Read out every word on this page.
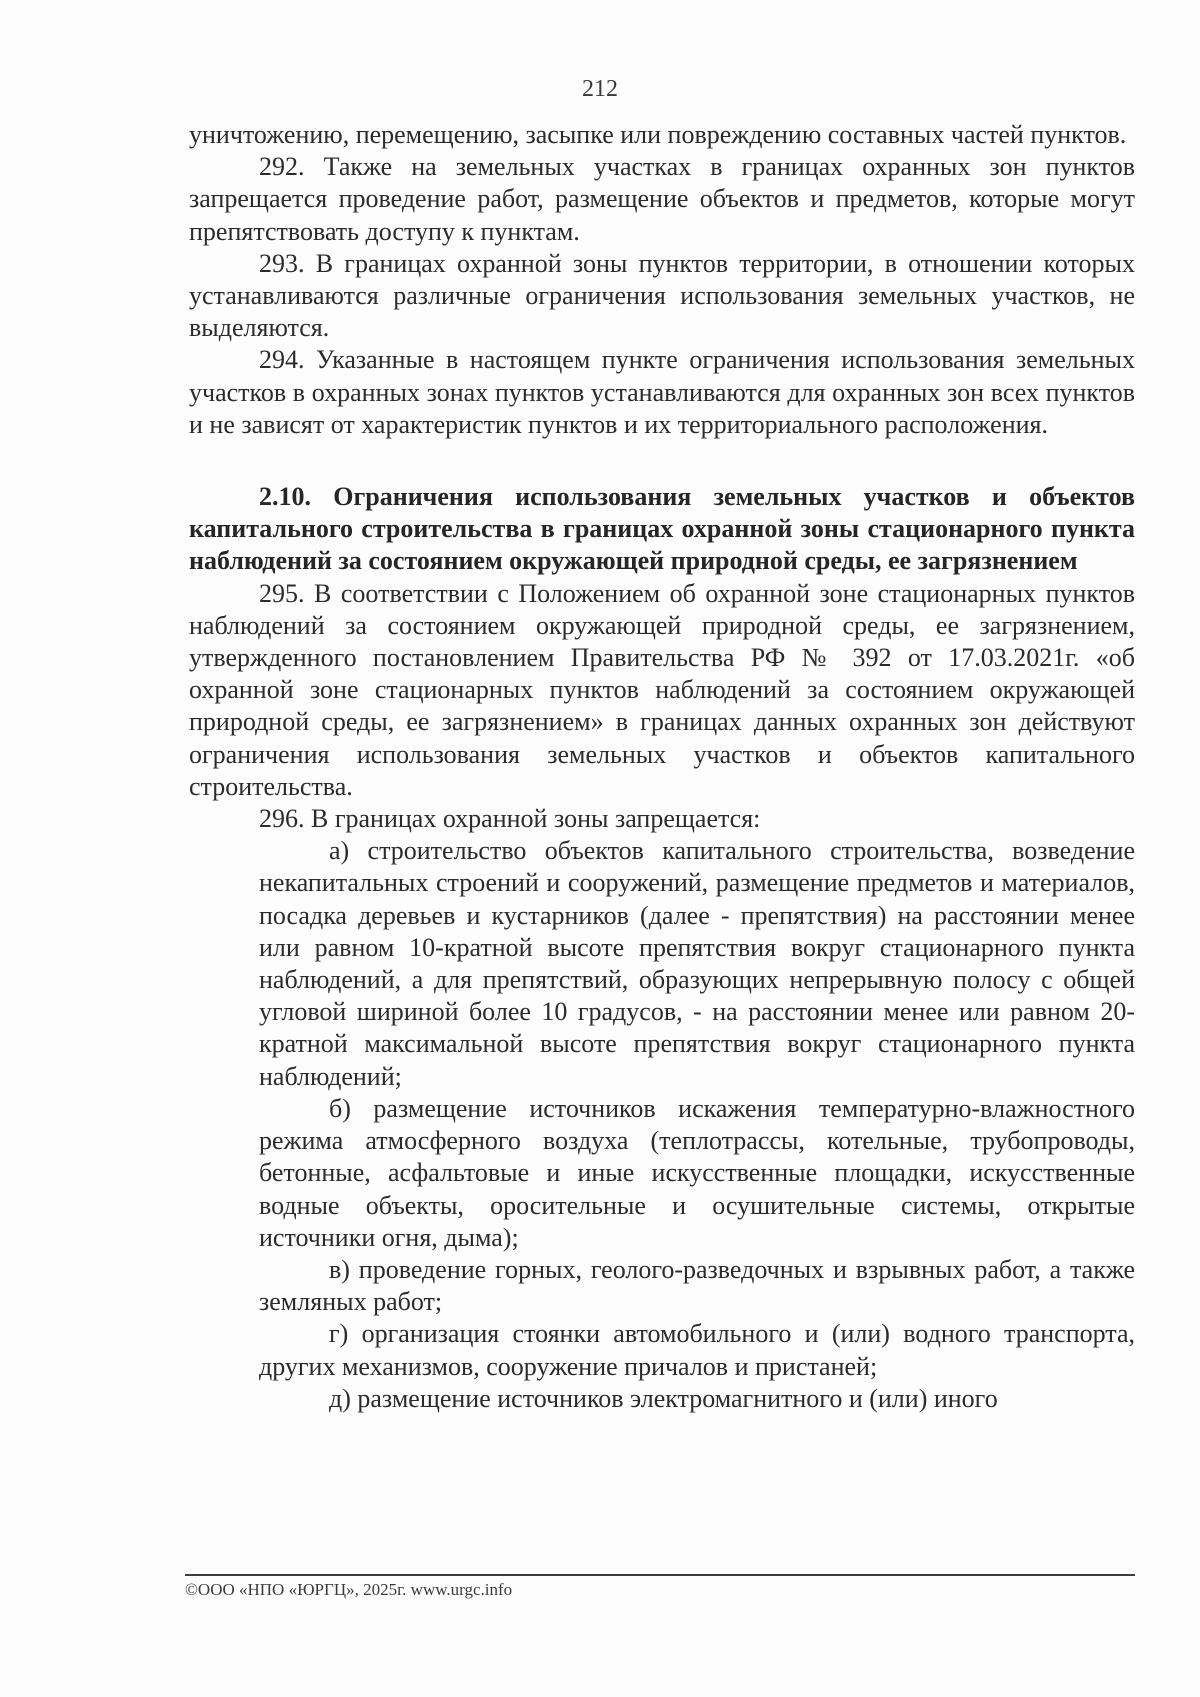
212

уничтожению, перемещению, засыпке или повреждению составных частей пунктов.

292. Также на земельных участках в границах охранных зон пунктов запрещается проведение работ, размещение объектов и предметов, которые могут препятствовать доступу к пунктам.

293. В границах охранной зоны пунктов территории, в отношении которых устанавливаются различные ограничения использования земельных участков, не выделяются.

294. Указанные в настоящем пункте ограничения использования земельных участков в охранных зонах пунктов устанавливаются для охранных зон всех пунктов и не зависят от характеристик пунктов и их территориального расположения.

2.10. Ограничения использования земельных участков и объектов капитального строительства в границах охранной зоны стационарного пункта наблюдений за состоянием окружающей природной среды, ее загрязнением

295. В соответствии с Положением об охранной зоне стационарных пунктов наблюдений за состоянием окружающей природной среды, ее загрязнением, утвержденного постановлением Правительства РФ № 392 от 17.03.2021г. «об охранной зоне стационарных пунктов наблюдений за состоянием окружающей природной среды, ее загрязнением» в границах данных охранных зон действуют ограничения использования земельных участков и объектов капитального строительства.

296. В границах охранной зоны запрещается:

а) строительство объектов капитального строительства, возведение некапитальных строений и сооружений, размещение предметов и материалов, посадка деревьев и кустарников (далее - препятствия) на расстоянии менее или равном 10-кратной высоте препятствия вокруг стационарного пункта наблюдений, а для препятствий, образующих непрерывную полосу с общей угловой шириной более 10 градусов, - на расстоянии менее или равном 20-кратной максимальной высоте препятствия вокруг стационарного пункта наблюдений;

б) размещение источников искажения температурно-влажностного режима атмосферного воздуха (теплотрассы, котельные, трубопроводы, бетонные, асфальтовые и иные искусственные площадки, искусственные водные объекты, оросительные и осушительные системы, открытые источники огня, дыма);

в) проведение горных, геолого-разведочных и взрывных работ, а также земляных работ;

г) организация стоянки автомобильного и (или) водного транспорта, других механизмов, сооружение причалов и пристаней;

д) размещение источников электромагнитного и (или) иного

©ООО «НПО «ЮРГЦ», 2025г. www.urgc.info
